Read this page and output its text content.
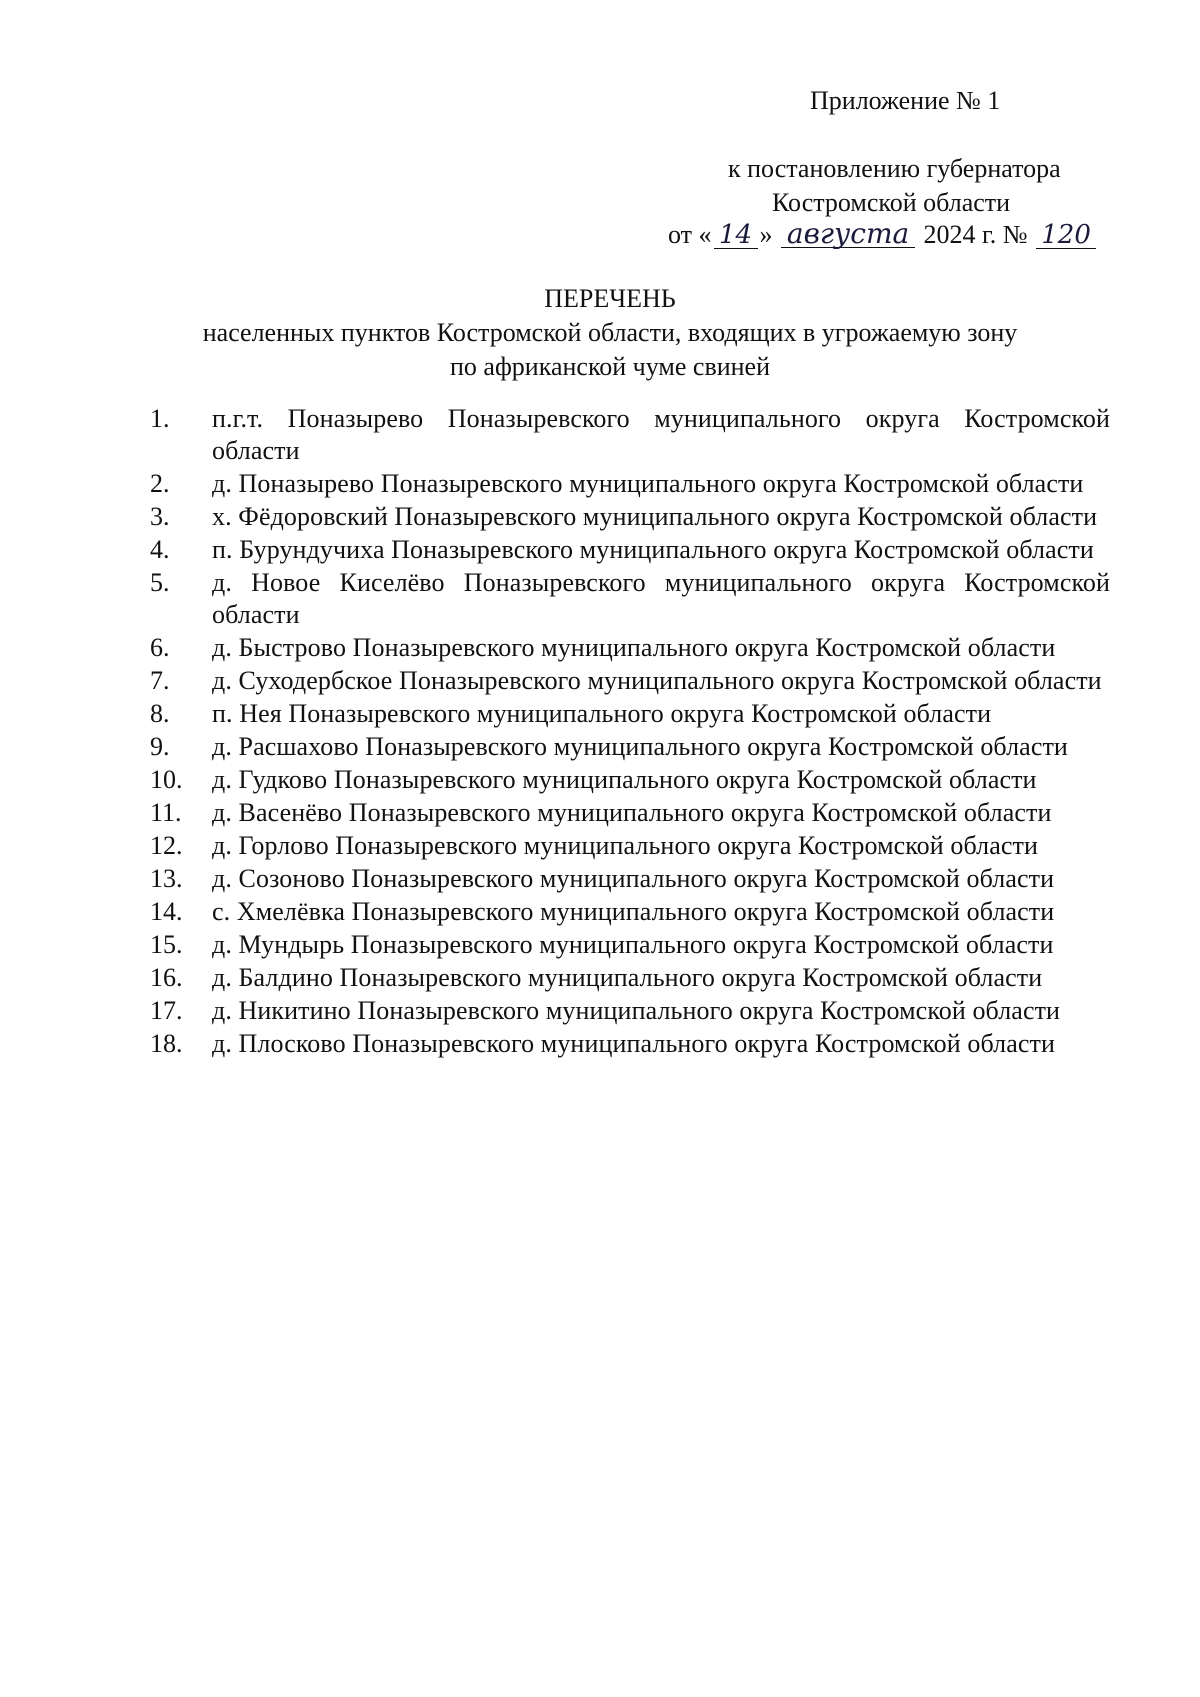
Приложение № 1
к постановлению губернатора
Костромской области
от « 14 » августа 2024 г. № 120
ПЕРЕЧЕНЬ
населенных пунктов Костромской области, входящих в угрожаемую зону
по африканской чуме свиней
1.	п.г.т. Поназырево Поназыревского муниципального округа Костромской области
2.	д. Поназырево Поназыревского муниципального округа Костромской области
3.	х. Фёдоровский Поназыревского муниципального округа Костромской области
4.	п. Бурундучиха Поназыревского муниципального округа Костромской области
5.	д. Новое Киселёво Поназыревского муниципального округа Костромской области
6.	д. Быстрово Поназыревского муниципального округа Костромской области
7.	д. Суходербское Поназыревского муниципального округа Костромской области
8.	п. Нея Поназыревского муниципального округа Костромской области
9.	д. Расшахово Поназыревского муниципального округа Костромской области
10.	д. Гудково Поназыревского муниципального округа Костромской области
11.	д. Васенёво Поназыревского муниципального округа Костромской области
12.	д. Горлово Поназыревского муниципального округа Костромской области
13.	д. Созоново Поназыревского муниципального округа Костромской области
14.	с. Хмелёвка Поназыревского муниципального округа Костромской области
15.	д. Мундырь Поназыревского муниципального округа Костромской области
16.	д. Балдино Поназыревского муниципального округа Костромской области
17.	д. Никитино Поназыревского муниципального округа Костромской области
18.	д. Плосково Поназыревского муниципального округа Костромской области
